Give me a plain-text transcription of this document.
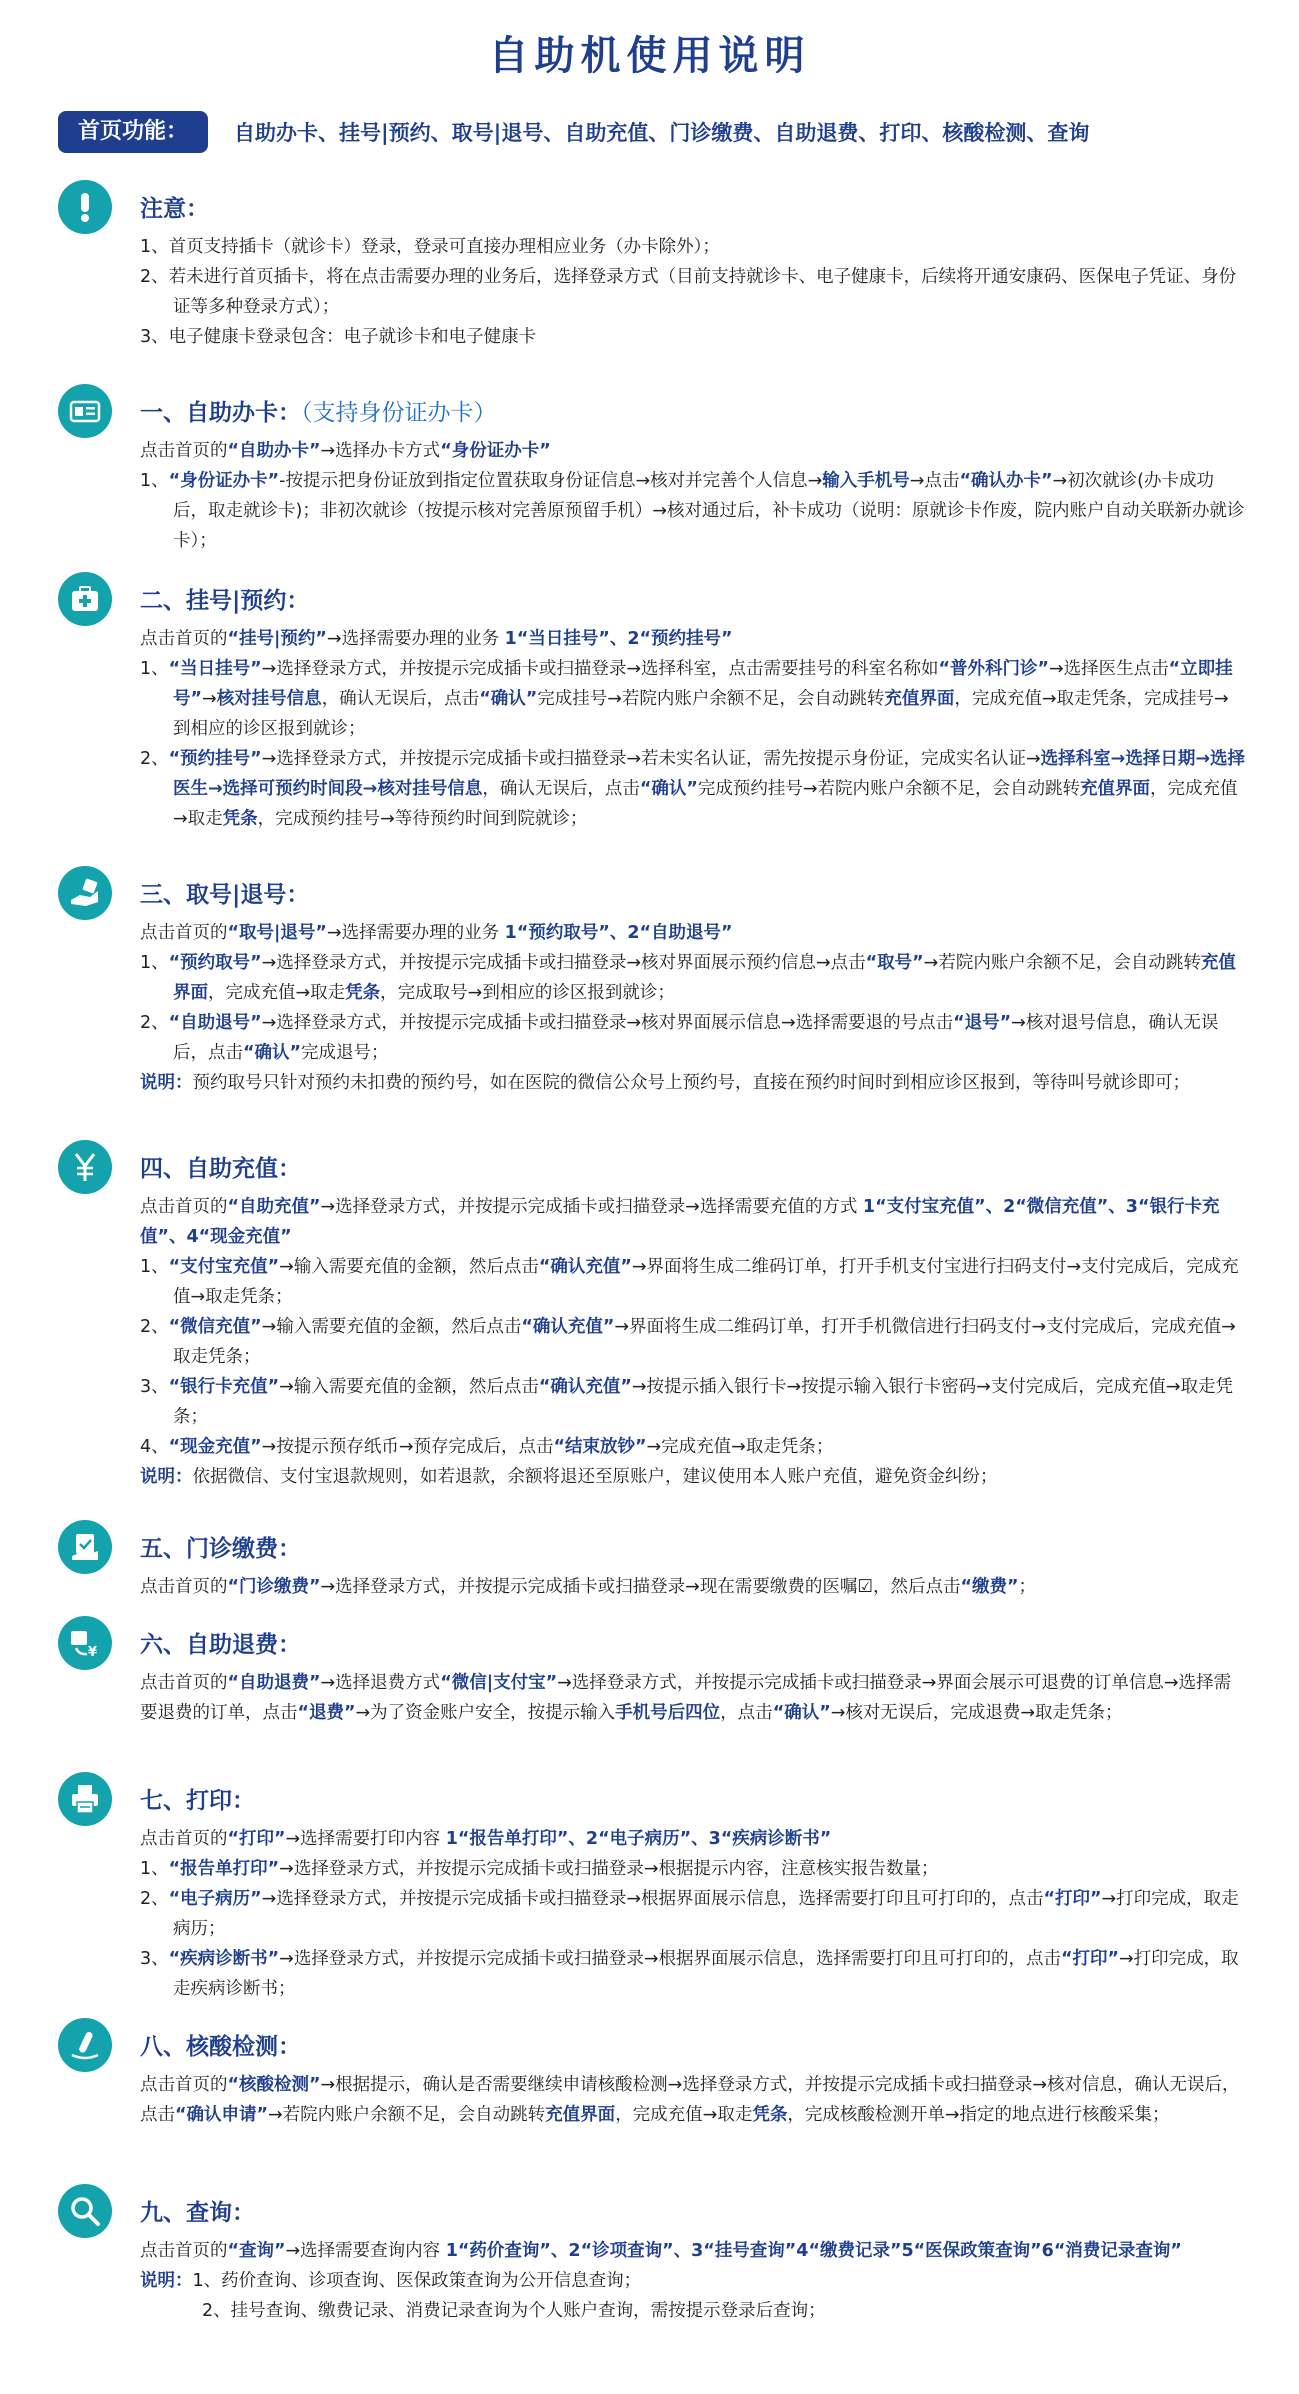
自助机使用说明
首页功能：	自助办卡、挂号|预约、取号|退号、自助充值、门诊缴费、自助退费、打印、核酸检测、查询
注意：

1、首页支持插卡（就诊卡）登录，登录可直接办理相应业务（办卡除外）；

2、若未进行首页插卡，将在点击需要办理的业务后，选择登录方式（目前支持就诊卡、电子健康卡，后续将开通安康码、医保电子凭证、身份证等多种登录方式）；

3、电子健康卡登录包含：电子就诊卡和电子健康卡

一、自助办卡：（支持身份证办卡）

点击首页的“自助办卡”→选择办卡方式“身份证办卡”

1、“身份证办卡”-按提示把身份证放到指定位置获取身份证信息→核对并完善个人信息→输入手机号→点击“确认办卡”→初次就诊(办卡成功后，取走就诊卡)；非初次就诊（按提示核对完善原预留手机）→核对通过后，补卡成功（说明：原就诊卡作废，院内账户自动关联新办就诊卡）；

二、挂号|预约：

点击首页的“挂号|预约”→选择需要办理的业务 1“当日挂号”、2“预约挂号”

1、“当日挂号”→选择登录方式，并按提示完成插卡或扫描登录→选择科室，点击需要挂号的科室名称如“普外科门诊”→选择医生点击“立即挂号”→核对挂号信息，确认无误后，点击“确认”完成挂号→若院内账户余额不足，会自动跳转充值界面，完成充值→取走凭条，完成挂号→到相应的诊区报到就诊；

2、“预约挂号”→选择登录方式，并按提示完成插卡或扫描登录→若未实名认证，需先按提示身份证，完成实名认证→选择科室→选择日期→选择医生→选择可预约时间段→核对挂号信息，确认无误后，点击“确认”完成预约挂号→若院内账户余额不足，会自动跳转充值界面，完成充值→取走凭条，完成预约挂号→等待预约时间到院就诊；

三、取号|退号：

点击首页的“取号|退号”→选择需要办理的业务 1“预约取号”、2“自助退号”

1、“预约取号”→选择登录方式，并按提示完成插卡或扫描登录→核对界面展示预约信息→点击“取号”→若院内账户余额不足，会自动跳转充值界面，完成充值→取走凭条，完成取号→到相应的诊区报到就诊；

2、“自助退号”→选择登录方式，并按提示完成插卡或扫描登录→核对界面展示信息→选择需要退的号点击“退号”→核对退号信息，确认无误后，点击“确认”完成退号；

说明：预约取号只针对预约未扣费的预约号，如在医院的微信公众号上预约号，直接在预约时间时到相应诊区报到，等待叫号就诊即可；

四、自助充值：

点击首页的“自助充值”→选择登录方式，并按提示完成插卡或扫描登录→选择需要充值的方式 1“支付宝充值”、2“微信充值”、3“银行卡充值”、4“现金充值”

1、“支付宝充值”→输入需要充值的金额，然后点击“确认充值”→界面将生成二维码订单，打开手机支付宝进行扫码支付→支付完成后，完成充值→取走凭条；

2、“微信充值”→输入需要充值的金额，然后点击“确认充值”→界面将生成二维码订单，打开手机微信进行扫码支付→支付完成后，完成充值→取走凭条；

3、“银行卡充值”→输入需要充值的金额，然后点击“确认充值”→按提示插入银行卡→按提示输入银行卡密码→支付完成后，完成充值→取走凭条；

4、“现金充值”→按提示预存纸币→预存完成后，点击“结束放钞”→完成充值→取走凭条；

说明：依据微信、支付宝退款规则，如若退款，余额将退还至原账户，建议使用本人账户充值，避免资金纠纷；

五、门诊缴费：

点击首页的“门诊缴费”→选择登录方式，并按提示完成插卡或扫描登录→现在需要缴费的医嘱☑，然后点击“缴费”；

¥ 六、自助退费：

点击首页的“自助退费”→选择退费方式“微信|支付宝”→选择登录方式，并按提示完成插卡或扫描登录→界面会展示可退费的订单信息→选择需要退费的订单，点击“退费”→为了资金账户安全，按提示输入手机号后四位，点击“确认”→核对无误后，完成退费→取走凭条；

七、打印：

点击首页的“打印”→选择需要打印内容 1“报告单打印”、2“电子病历”、3“疾病诊断书”

1、“报告单打印”→选择登录方式，并按提示完成插卡或扫描登录→根据提示内容，注意核实报告数量；

2、“电子病历”→选择登录方式，并按提示完成插卡或扫描登录→根据界面展示信息，选择需要打印且可打印的，点击“打印”→打印完成，取走病历；

3、“疾病诊断书”→选择登录方式，并按提示完成插卡或扫描登录→根据界面展示信息，选择需要打印且可打印的，点击“打印”→打印完成，取走疾病诊断书；

八、核酸检测：

点击首页的“核酸检测”→根据提示，确认是否需要继续申请核酸检测→选择登录方式，并按提示完成插卡或扫描登录→核对信息，确认无误后，点击“确认申请”→若院内账户余额不足，会自动跳转充值界面，完成充值→取走凭条，完成核酸检测开单→指定的地点进行核酸采集；

九、查询：

点击首页的“查询”→选择需要查询内容 1“药价查询”、2“诊项查询”、3“挂号查询”4“缴费记录”5“医保政策查询”6“消费记录查询”

说明：1、药价查询、诊项查询、医保政策查询为公开信息查询；

2、挂号查询、缴费记录、消费记录查询为个人账户查询，需按提示登录后查询；
